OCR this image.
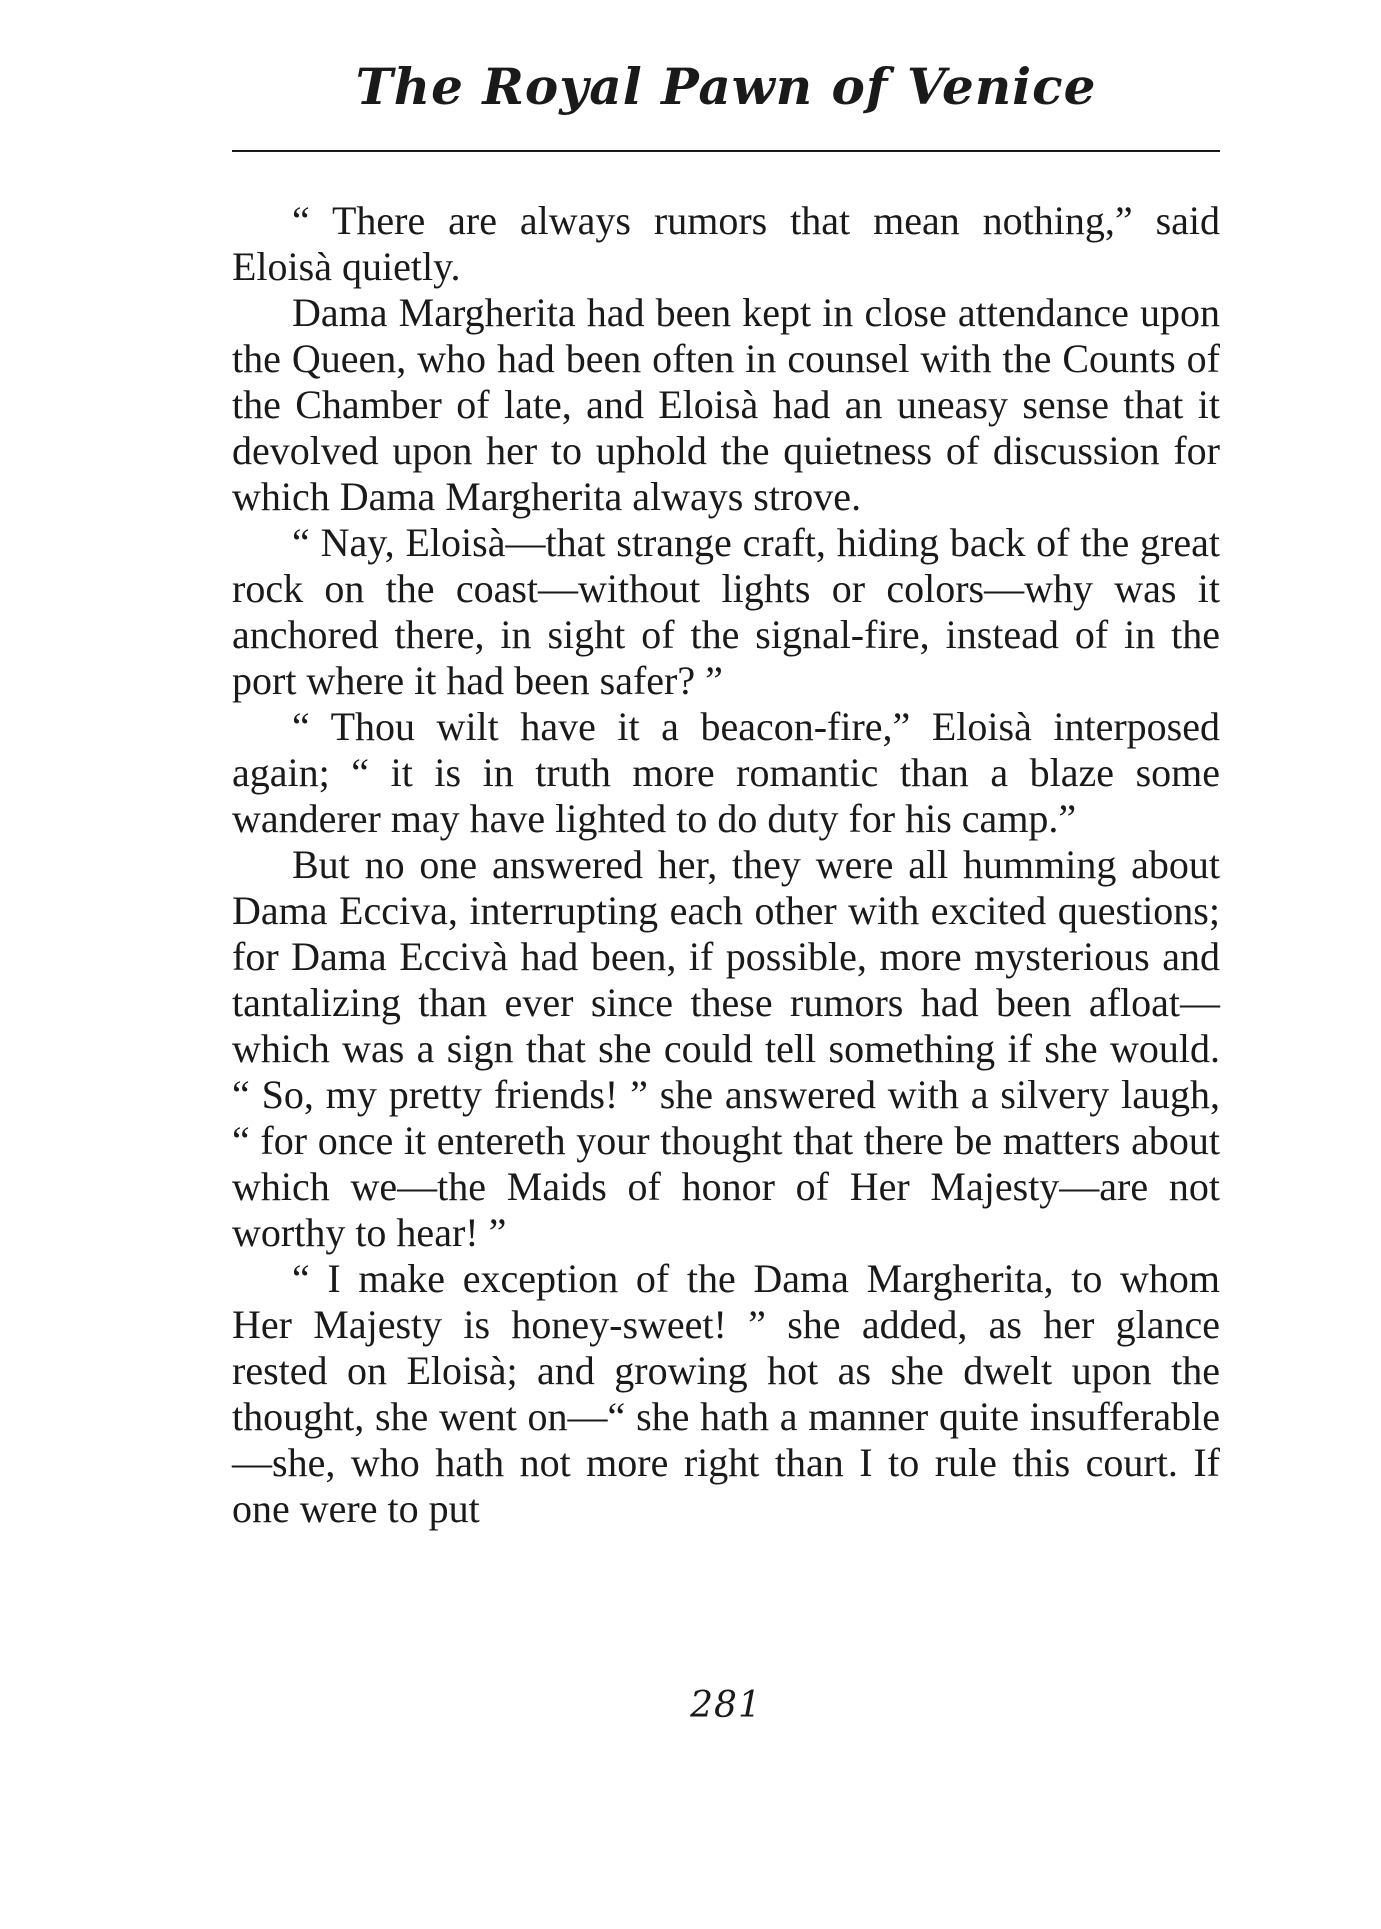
The Royal Pawn of Venice

“ There are always rumors that mean nothing,” said Eloisà quietly.

Dama Margherita had been kept in close attendance upon the Queen, who had been often in counsel with the Counts of the Chamber of late, and Eloisà had an uneasy sense that it devolved upon her to uphold the quietness of discussion for which Dama Margherita always strove.

“ Nay, Eloisà—that strange craft, hiding back of the great rock on the coast—without lights or colors—why was it anchored there, in sight of the signal-fire, instead of in the port where it had been safer? ”

“ Thou wilt have it a beacon-fire,” Eloisà interposed again; “ it is in truth more romantic than a blaze some wanderer may have lighted to do duty for his camp.”

But no one answered her, they were all humming about Dama Ecciva, interrupting each other with excited questions; for Dama Eccivà had been, if possible, more mysterious and tantalizing than ever since these rumors had been afloat—which was a sign that she could tell something if she would. “ So, my pretty friends! ” she answered with a silvery laugh, “ for once it entereth your thought that there be matters about which we—the Maids of honor of Her Majesty—are not worthy to hear! ”

“ I make exception of the Dama Margherita, to whom Her Majesty is honey-sweet! ” she added, as her glance rested on Eloisà; and growing hot as she dwelt upon the thought, she went on—“ she hath a manner quite insufferable—she, who hath not more right than I to rule this court. If one were to put

281
